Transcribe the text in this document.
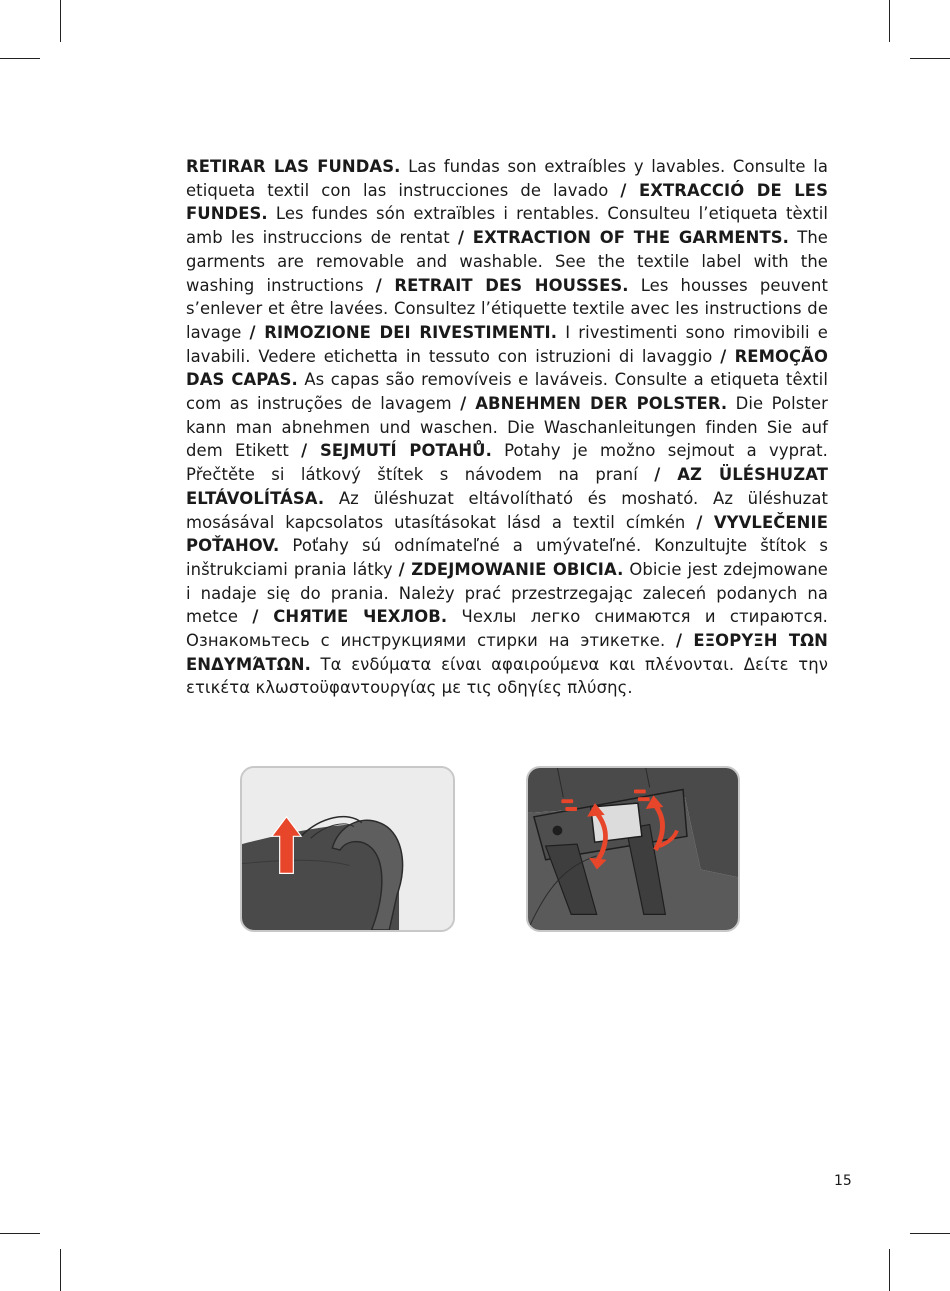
RETIRAR LAS FUNDAS. Las fundas son extraíbles y lavables. Consulte la etiqueta textil con las instrucciones de lavado / EXTRACCIÓ DE LES FUNDES. Les fundes són extraïbles i rentables. Consulteu l’etiqueta tèxtil amb les instruccions de rentat / EXTRACTION OF THE GARMENTS. The garments are removable and washable. See the textile label with the washing instructions / RETRAIT DES HOUSSES. Les housses peuvent s’enlever et être lavées. Consultez l’étiquette textile avec les instructions de lavage / RIMOZIONE DEI RIVESTIMENTI. I rivestimenti sono rimovibili e lavabili. Vedere etichetta in tessuto con istruzioni di lavaggio / REMOÇÃO DAS CAPAS. As capas são removíveis e laváveis. Consulte a etiqueta têxtil com as instruções de lavagem / ABNEHMEN DER POLSTER. Die Polster kann man abnehmen und waschen. Die Waschanleitungen finden Sie auf dem Etikett / SEJMUTÍ POTAHŮ. Potahy je možno sejmout a vyprat. Přečtěte si látkový štítek s návodem na praní / AZ ÜLÉSHUZAT ELTÁVOLÍTÁSA. Az üléshuzat eltávolítható és mosható. Az üléshuzat mosásával kapcsolatos utasításokat lásd a textil címkén / VYVLEČENIE POŤAHOV. Poťahy sú odnímateľné a umývateľné. Konzultujte štítok s inštrukciami prania látky / ZDEJMOWANIE OBICIA. Obicie jest zdejmowane i nadaje się do prania. Należy prać przestrzegając zaleceń podanych na metce / СНЯТИЕ ЧЕХЛОВ. Чехлы легко снимаются и стираются. Ознакомьтесь с инструкциями стирки на этикетке. / ΕΞΟΡΥΞΗ ΤΩΝ ΕΝΔΥΜΆΤΩΝ. Τα ενδύματα είναι αφαιρούμενα και πλένονται. Δείτε την ετικέτα κλωστοϋφαντουργίας με τις οδηγίες πλύσης.
15
